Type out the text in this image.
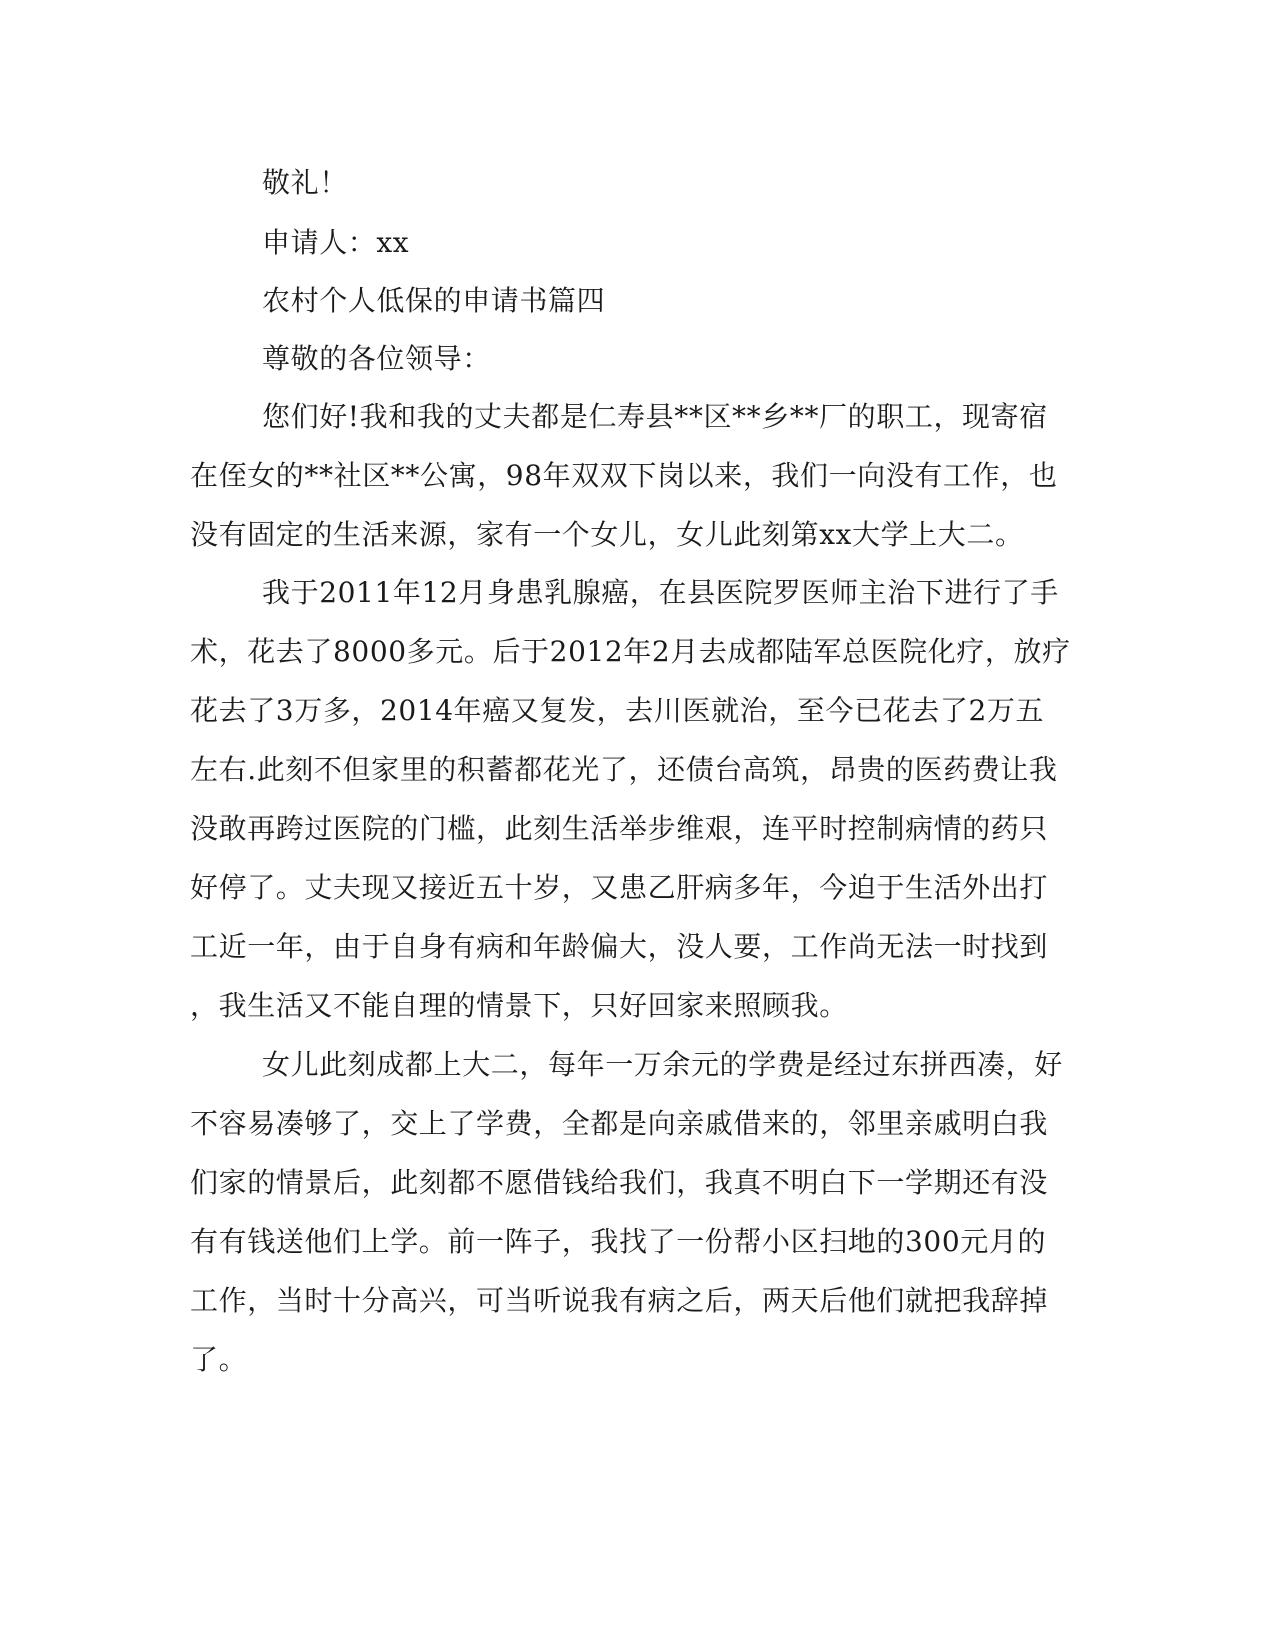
敬礼！
申请人：xx
农村个人低保的申请书篇四
尊敬的各位领导：
您们好!我和我的丈夫都是仁寿县**区**乡**厂的职工，现寄宿
在侄女的**社区**公寓，98年双双下岗以来，我们一向没有工作，也
没有固定的生活来源，家有一个女儿，女儿此刻第xx大学上大二。
我于2011年12月身患乳腺癌，在县医院罗医师主治下进行了手
术，花去了8000多元。后于2012年2月去成都陆军总医院化疗，放疗
花去了3万多，2014年癌又复发，去川医就治，至今已花去了2万五
左右.此刻不但家里的积蓄都花光了，还债台高筑，昂贵的医药费让我
没敢再跨过医院的门槛，此刻生活举步维艰，连平时控制病情的药只
好停了。丈夫现又接近五十岁，又患乙肝病多年，今迫于生活外出打
工近一年，由于自身有病和年龄偏大，没人要，工作尚无法一时找到
，我生活又不能自理的情景下，只好回家来照顾我。
女儿此刻成都上大二，每年一万余元的学费是经过东拼西凑，好
不容易凑够了，交上了学费，全都是向亲戚借来的，邻里亲戚明白我
们家的情景后，此刻都不愿借钱给我们，我真不明白下一学期还有没
有有钱送他们上学。前一阵子，我找了一份帮小区扫地的300元月的
工作，当时十分高兴，可当听说我有病之后，两天后他们就把我辞掉
了。
